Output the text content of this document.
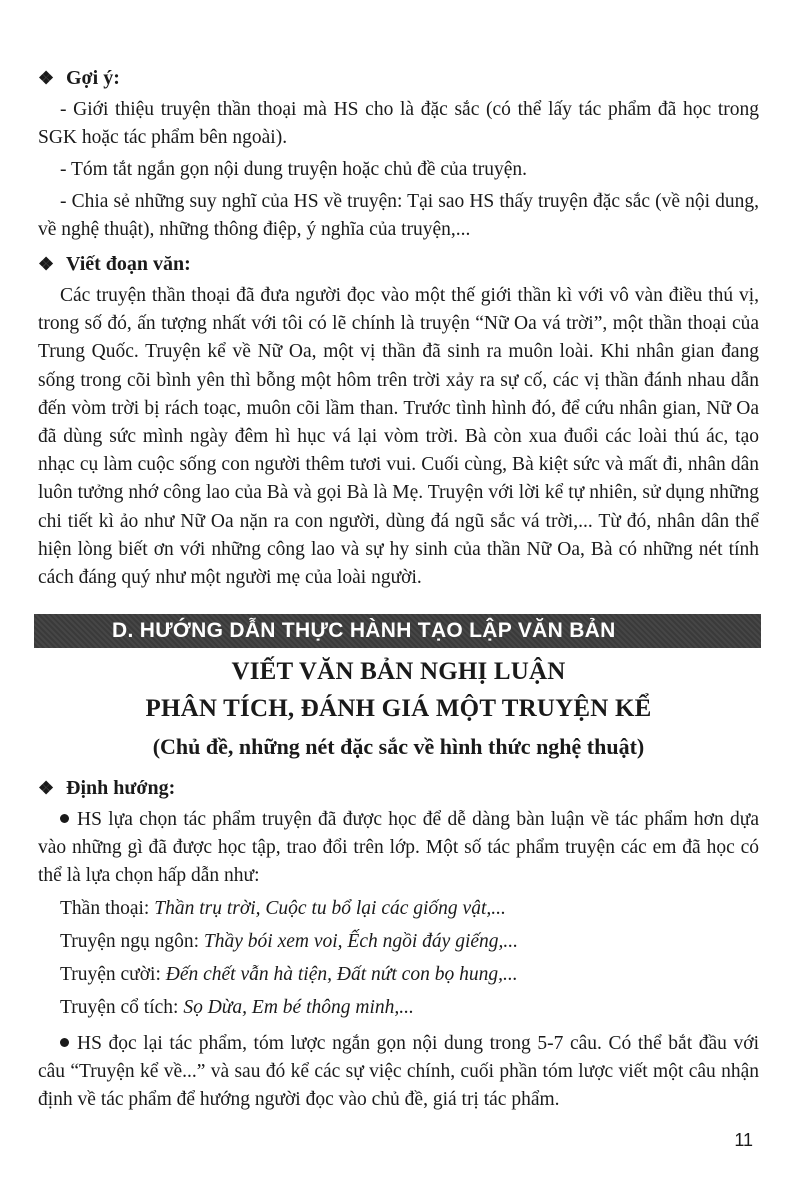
❖ Gợi ý:

- Giới thiệu truyện thần thoại mà HS cho là đặc sắc (có thể lấy tác phẩm đã học trong SGK hoặc tác phẩm bên ngoài).

- Tóm tắt ngắn gọn nội dung truyện hoặc chủ đề của truyện.

- Chia sẻ những suy nghĩ của HS về truyện: Tại sao HS thấy truyện đặc sắc (về nội dung, về nghệ thuật), những thông điệp, ý nghĩa của truyện,...

❖ Viết đoạn văn:

Các truyện thần thoại đã đưa người đọc vào một thế giới thần kì với vô vàn điều thú vị, trong số đó, ấn tượng nhất với tôi có lẽ chính là truyện “Nữ Oa vá trời”, một thần thoại của Trung Quốc. Truyện kể về Nữ Oa, một vị thần đã sinh ra muôn loài. Khi nhân gian đang sống trong cõi bình yên thì bỗng một hôm trên trời xảy ra sự cố, các vị thần đánh nhau dẫn đến vòm trời bị rách toạc, muôn cõi lầm than. Trước tình hình đó, để cứu nhân gian, Nữ Oa đã dùng sức mình ngày đêm hì hục vá lại vòm trời. Bà còn xua đuổi các loài thú ác, tạo nhạc cụ làm cuộc sống con người thêm tươi vui. Cuối cùng, Bà kiệt sức và mất đi, nhân dân luôn tưởng nhớ công lao của Bà và gọi Bà là Mẹ. Truyện với lời kể tự nhiên, sử dụng những chi tiết kì ảo như Nữ Oa nặn ra con người, dùng đá ngũ sắc vá trời,... Từ đó, nhân dân thể hiện lòng biết ơn với những công lao và sự hy sinh của thần Nữ Oa, Bà có những nét tính cách đáng quý như một người mẹ của loài người.

D. HƯỚNG DẪN THỰC HÀNH TẠO LẬP VĂN BẢN
VIẾT VĂN BẢN NGHỊ LUẬN
PHÂN TÍCH, ĐÁNH GIÁ MỘT TRUYỆN KỂ
(Chủ đề, những nét đặc sắc về hình thức nghệ thuật)
❖ Định hướng:

HS lựa chọn tác phẩm truyện đã được học để dễ dàng bàn luận về tác phẩm hơn dựa vào những gì đã được học tập, trao đổi trên lớp. Một số tác phẩm truyện các em đã học có thể là lựa chọn hấp dẫn như:

Thần thoại: Thần trụ trời, Cuộc tu bổ lại các giống vật,...

Truyện ngụ ngôn: Thầy bói xem voi, Ếch ngồi đáy giếng,...

Truyện cười: Đến chết vẫn hà tiện, Đất nứt con bọ hung,...

Truyện cổ tích: Sọ Dừa, Em bé thông minh,...

HS đọc lại tác phẩm, tóm lược ngắn gọn nội dung trong 5-7 câu. Có thể bắt đầu với câu “Truyện kể về...” và sau đó kể các sự việc chính, cuối phần tóm lược viết một câu nhận định về tác phẩm để hướng người đọc vào chủ đề, giá trị tác phẩm.

11
